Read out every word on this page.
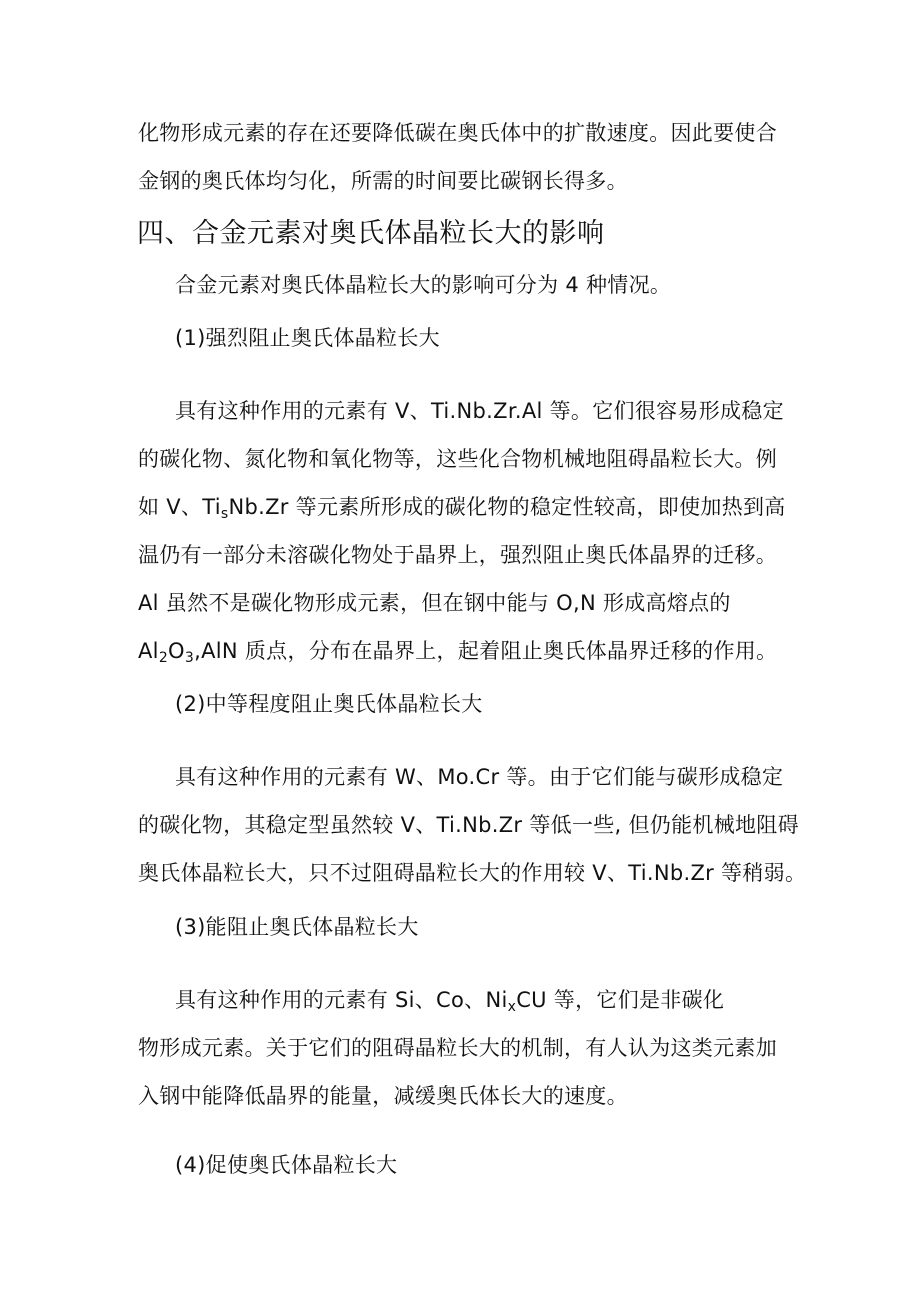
化物形成元素的存在还要降低碳在奥氏体中的扩散速度。因此要使合
金钢的奥氏体均匀化，所需的时间要比碳钢长得多。
四、合金元素对奥氏体晶粒长大的影响
合金元素对奥氏体晶粒长大的影响可分为 4 种情况。
(1)强烈阻止奥氏体晶粒长大
具有这种作用的元素有 V、Ti.Nb.Zr.Al 等。它们很容易形成稳定
的碳化物、氮化物和氧化物等，这些化合物机械地阻碍晶粒长大。例
如 V、$Ti_sNb.Zr$ 等元素所形成的碳化物的稳定性较高，即使加热到高
温仍有一部分未溶碳化物处于晶界上，强烈阻止奥氏体晶界的迁移。
Al 虽然不是碳化物形成元素，但在钢中能与 O,N 形成高熔点的
$Al_2O_3,AlN$ 质点，分布在晶界上，起着阻止奥氏体晶界迁移的作用。
(2)中等程度阻止奥氏体晶粒长大
具有这种作用的元素有 W、Mo.Cr 等。由于它们能与碳形成稳定
的碳化物，其稳定型虽然较 V、Ti.Nb.Zr 等低一些, 但仍能机械地阻碍
奥氏体晶粒长大，只不过阻碍晶粒长大的作用较 V、Ti.Nb.Zr 等稍弱。
(3)能阻止奥氏体晶粒长大
具有这种作用的元素有 Si、Co、$Ni_xCU$ 等，它们是非碳化
物形成元素。关于它们的阻碍晶粒长大的机制，有人认为这类元素加
入钢中能降低晶界的能量，减缓奥氏体长大的速度。
(4)促使奥氏体晶粒长大
